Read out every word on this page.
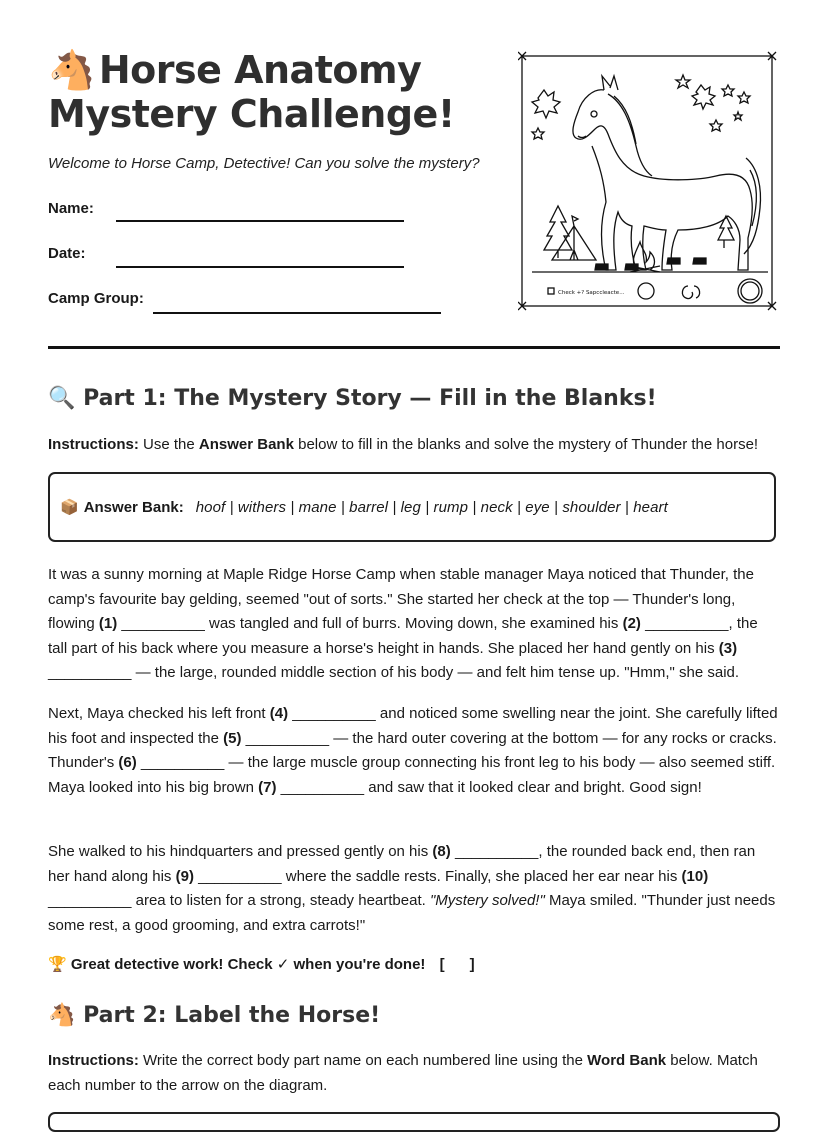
🐴 Horse Anatomy
Mystery Challenge!
Welcome to Horse Camp, Detective! Can you solve the mystery?
Name:
Date:
Camp Group:	Check +? Sapccleacte...
🔍 Part 1: The Mystery Story — Fill in the Blanks!
Instructions: Use the Answer Bank below to fill in the blanks and solve the mystery of Thunder the horse!
📦 Answer Bank: hoof | withers | mane | barrel | leg | rump | neck | eye | shoulder | heart
It was a sunny morning at Maple Ridge Horse Camp when stable manager Maya noticed that Thunder, the camp's favourite bay gelding, seemed "out of sorts." She started her check at the top — Thunder's long, flowing (1) __________ was tangled and full of burrs. Moving down, she examined his (2) __________, the tall part of his back where you measure a horse's height in hands. She placed her hand gently on his (3) __________ — the large, rounded middle section of his body — and felt him tense up. "Hmm," she said.
Next, Maya checked his left front (4) __________ and noticed some swelling near the joint. She carefully lifted his foot and inspected the (5) __________ — the hard outer covering at the bottom — for any rocks or cracks. Thunder's (6) __________ — the large muscle group connecting his front leg to his body — also seemed stiff. Maya looked into his big brown (7) __________ and saw that it looked clear and bright. Good sign!
She walked to his hindquarters and pressed gently on his (8) __________, the rounded back end, then ran her hand along his (9) __________ where the saddle rests. Finally, she placed her ear near his (10) __________ area to listen for a strong, steady heartbeat. "Mystery solved!" Maya smiled. "Thunder just needs some rest, a good grooming, and extra carrots!"
🏆 Great detective work! Check ✓ when you're done! [      ]
🐴 Part 2: Label the Horse!
Instructions: Write the correct body part name on each numbered line using the Word Bank below. Match each number to the arrow on the diagram.
